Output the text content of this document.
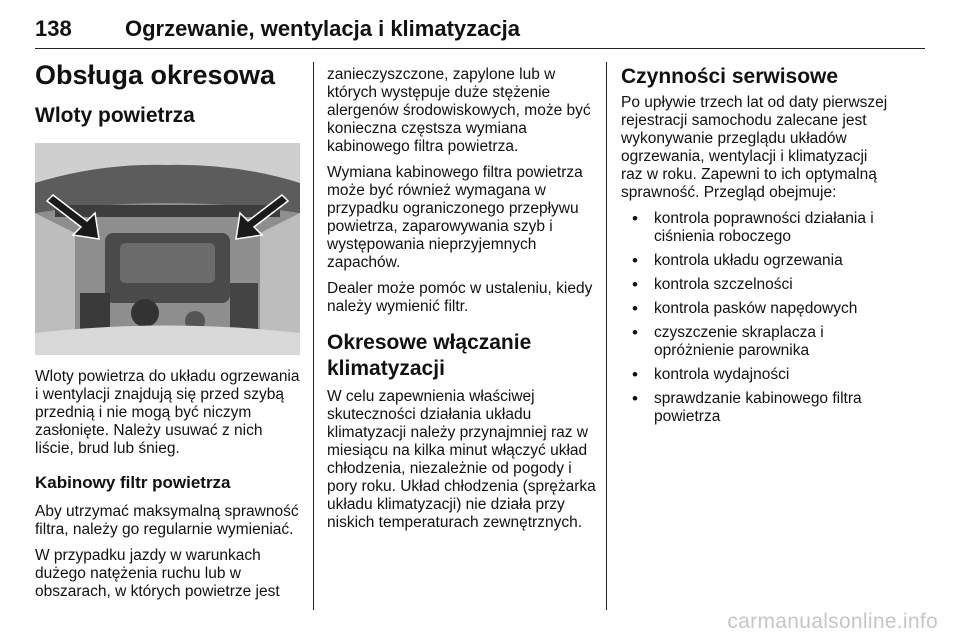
138 Ogrzewanie, wentylacja i klimatyzacja
Obsługa okresowa
Wloty powietrza

Wloty powietrza do układu ogrzewania i wentylacji znajdują się przed szybą przednią i nie mogą być niczym zasłonięte. Należy usuwać z nich liście, brud lub śnieg.

Kabinowy filtr powietrza

Aby utrzymać maksymalną sprawność filtra, należy go regularnie wymieniać.

W przypadku jazdy w warunkach dużego natężenia ruchu lub w obszarach, w których powietrze jest

zanieczyszczone, zapylone lub w których występuje duże stężenie alergenów środowiskowych, może być konieczna częstsza wymiana kabinowego filtra powietrza.

Wymiana kabinowego filtra powietrza może być również wymagana w przypadku ograniczonego przepływu powietrza, zaparowywania szyb i występowania nieprzyjemnych zapachów.

Dealer może pomóc w ustaleniu, kiedy należy wymienić filtr.

Okresowe włączanie klimatyzacji

W celu zapewnienia właściwej skuteczności działania układu klimatyzacji należy przynajmniej raz w miesiącu na kilka minut włączyć układ chłodzenia, niezależnie od pogody i pory roku. Układ chłodzenia (sprężarka układu klimatyzacji) nie działa przy niskich temperaturach zewnętrznych.

Czynności serwisowe

Po upływie trzech lat od daty pierwszej rejestracji samochodu zalecane jest wykonywanie przeglądu układów ogrzewania, wentylacji i klimatyzacji raz w roku. Zapewni to ich optymalną sprawność. Przegląd obejmuje:

• kontrola poprawności działania i ciśnienia roboczego
• kontrola układu ogrzewania
• kontrola szczelności
• kontrola pasków napędowych
• czyszczenie skraplacza i opróżnienie parownika
• kontrola wydajności
• sprawdzanie kabinowego filtra powietrza
carmanualsonline.info
